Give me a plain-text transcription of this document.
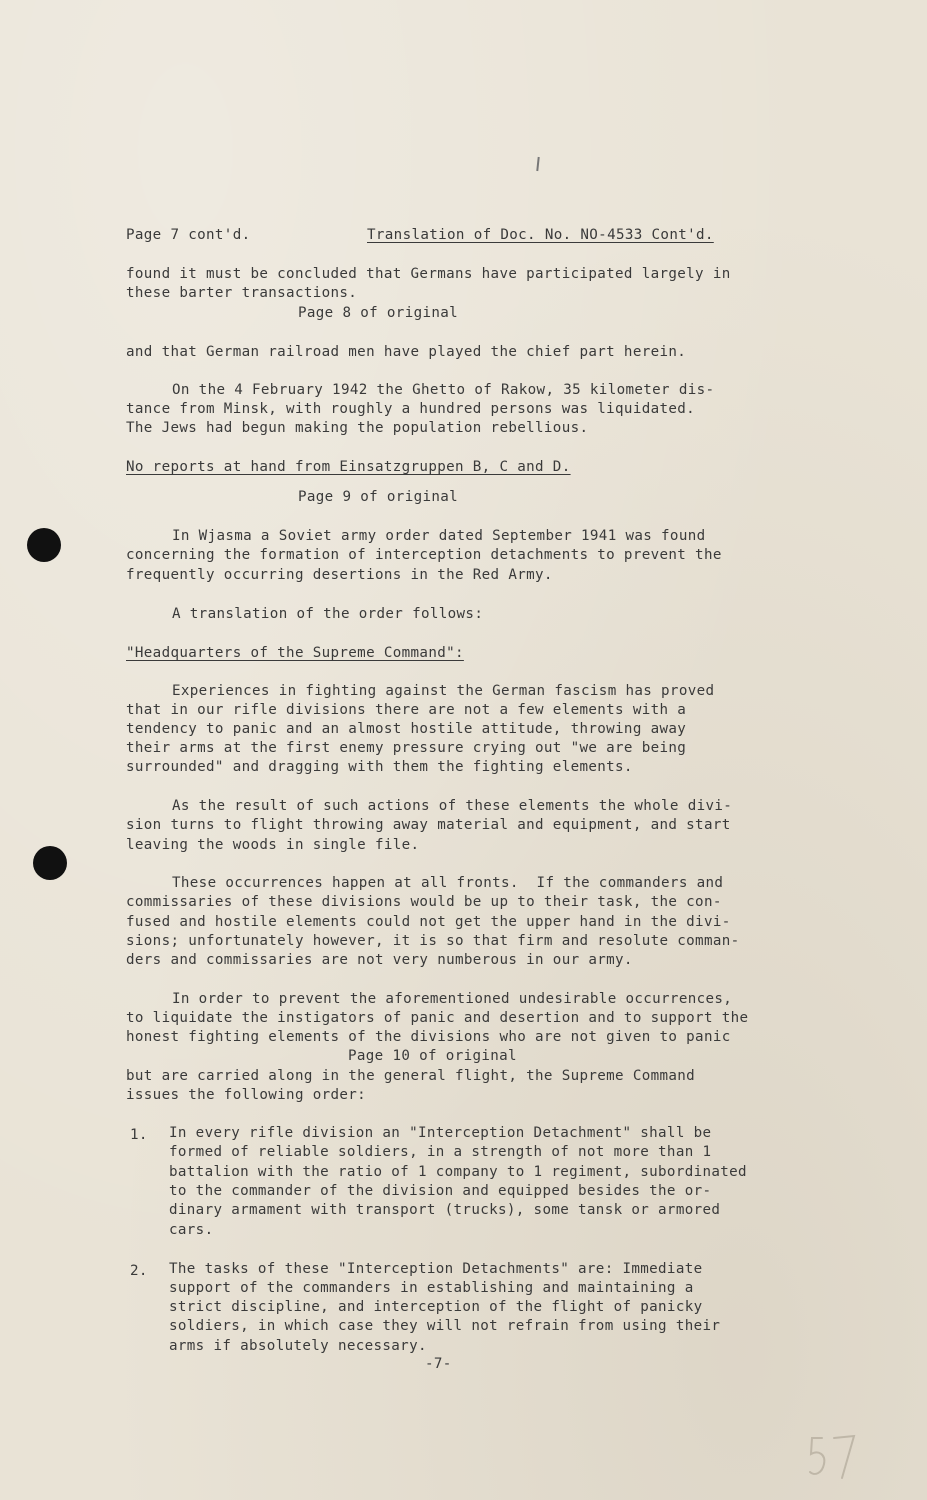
Page 7 cont'd.	Translation of Doc. No. NO-4533 Cont'd.
found it must be concluded that Germans have participated largely in
these barter transactions.
Page 8 of original
and that German railroad men have played the chief part herein.
On the 4 February 1942 the Ghetto of Rakow, 35 kilometer dis-
tance from Minsk, with roughly a hundred persons was liquidated.
The Jews had begun making the population rebellious.
No reports at hand from Einsatzgruppen B, C and D.
Page 9 of original
In Wjasma a Soviet army order dated September 1941 was found
concerning the formation of interception detachments to prevent the
frequently occurring desertions in the Red Army.
A translation of the order follows:
"Headquarters of the Supreme Command":
Experiences in fighting against the German fascism has proved
that in our rifle divisions there are not a few elements with a
tendency to panic and an almost hostile attitude, throwing away
their arms at the first enemy pressure crying out "we are being
surrounded" and dragging with them the fighting elements.
As the result of such actions of these elements the whole divi-
sion turns to flight throwing away material and equipment, and start
leaving the woods in single file.
These occurrences happen at all fronts.  If the commanders and
commissaries of these divisions would be up to their task, the con-
fused and hostile elements could not get the upper hand in the divi-
sions; unfortunately however, it is so that firm and resolute comman-
ders and commissaries are not very numberous in our army.
In order to prevent the aforementioned undesirable occurrences,
to liquidate the instigators of panic and desertion and to support the
honest fighting elements of the divisions who are not given to panic
Page 10 of original
but are carried along in the general flight, the Supreme Command
issues the following order:
1. In every rifle division an "Interception Detachment" shall be
formed of reliable soldiers, in a strength of not more than 1
battalion with the ratio of 1 company to 1 regiment, subordinated
to the commander of the division and equipped besides the or-
dinary armament with transport (trucks), some tansk or armored
cars.
2. The tasks of these "Interception Detachments" are: Immediate
support of the commanders in establishing and maintaining a
strict discipline, and interception of the flight of panicky
soldiers, in which case they will not refrain from using their
arms if absolutely necessary.
-7-
